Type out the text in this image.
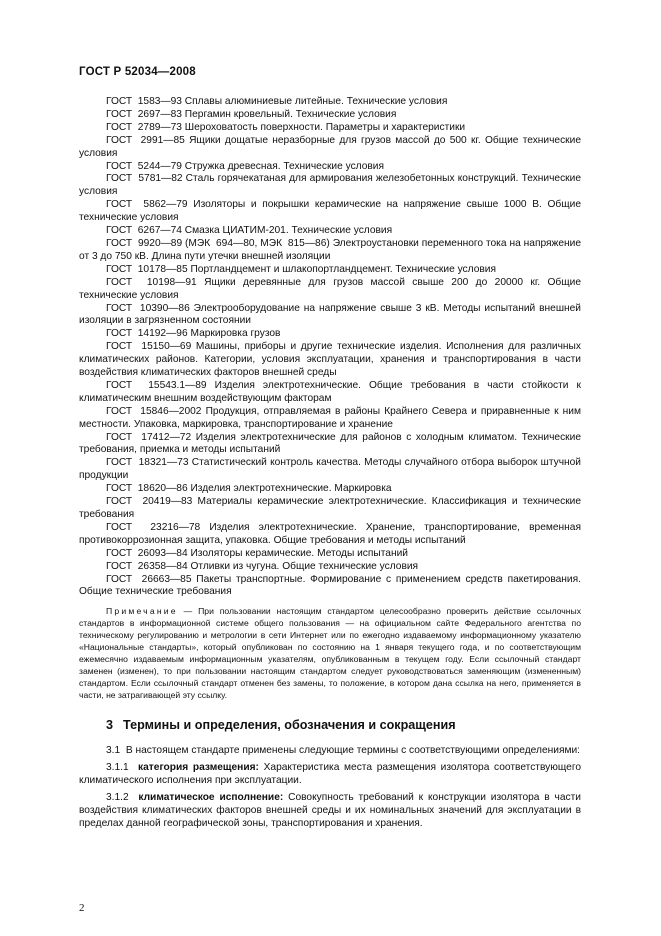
ГОСТ Р 52034—2008

ГОСТ  1583—93 Сплавы алюминиевые литейные. Технические условия

ГОСТ  2697—83 Пергамин кровельный. Технические условия

ГОСТ  2789—73 Шероховатость поверхности. Параметры и характеристики

ГОСТ  2991—85 Ящики дощатые неразборные для грузов массой до 500 кг. Общие технические условия

ГОСТ  5244—79 Стружка древесная. Технические условия

ГОСТ  5781—82 Сталь горячекатаная для армирования железобетонных конструкций. Технические условия

ГОСТ  5862—79 Изоляторы и покрышки керамические на напряжение свыше 1000 В. Общие технические условия

ГОСТ  6267—74 Смазка ЦИАТИМ-201. Технические условия

ГОСТ  9920—89 (МЭК  694—80, МЭК  815—86) Электроустановки переменного тока на напряжение от 3 до 750 кВ. Длина пути утечки внешней изоляции

ГОСТ  10178—85 Портландцемент и шлакопортландцемент. Технические условия

ГОСТ  10198—91 Ящики деревянные для грузов массой свыше 200 до 20000 кг. Общие технические условия

ГОСТ  10390—86 Электрооборудование на напряжение свыше 3 кВ. Методы испытаний внешней изоляции в загрязненном состоянии

ГОСТ  14192—96 Маркировка грузов

ГОСТ  15150—69 Машины, приборы и другие технические изделия. Исполнения для различных климатических районов. Категории, условия эксплуатации, хранения и транспортирования в части воздействия климатических факторов внешней среды

ГОСТ  15543.1—89 Изделия электротехнические. Общие требования в части стойкости к климатическим внешним воздействующим факторам

ГОСТ  15846—2002 Продукция, отправляемая в районы Крайнего Севера и приравненные к ним местности. Упаковка, маркировка, транспортирование и хранение

ГОСТ  17412—72 Изделия электротехнические для районов с холодным климатом. Технические требования, приемка и методы испытаний

ГОСТ  18321—73 Статистический контроль качества. Методы случайного отбора выборок штучной продукции

ГОСТ  18620—86 Изделия электротехнические. Маркировка

ГОСТ  20419—83 Материалы керамические электротехнические. Классификация и технические требования

ГОСТ  23216—78 Изделия электротехнические. Хранение, транспортирование, временная противокоррозионная защита, упаковка. Общие требования и методы испытаний

ГОСТ  26093—84 Изоляторы керамические. Методы испытаний

ГОСТ  26358—84 Отливки из чугуна. Общие технические условия

ГОСТ  26663—85 Пакеты транспортные. Формирование с применением средств пакетирования. Общие технические требования

Примечание — При пользовании настоящим стандартом целесообразно проверить действие ссылочных стандартов в информационной системе общего пользования — на официальном сайте Федерального агентства по техническому регулированию и метрологии в сети Интернет или по ежегодно издаваемому информационному указателю «Национальные стандарты», который опубликован по состоянию на 1 января текущего года, и по соответствующим ежемесячно издаваемым информационным указателям, опубликованным в текущем году. Если ссылочный стандарт заменен (изменен), то при пользовании настоящим стандартом следует руководствоваться заменяющим (измененным) стандартом. Если ссылочный стандарт отменен без замены, то положение, в котором дана ссылка на него, применяется в части, не затрагивающей эту ссылку.

3 Термины и определения, обозначения и сокращения

3.1 В настоящем стандарте применены следующие термины с соответствующими определениями:

3.1.1 категория размещения: Характеристика места размещения изолятора соответствующего климатического исполнения при эксплуатации.

3.1.2 климатическое исполнение: Совокупность требований к конструкции изолятора в части воздействия климатических факторов внешней среды и их номинальных значений для эксплуатации в пределах данной географической зоны, транспортирования и хранения.

2
